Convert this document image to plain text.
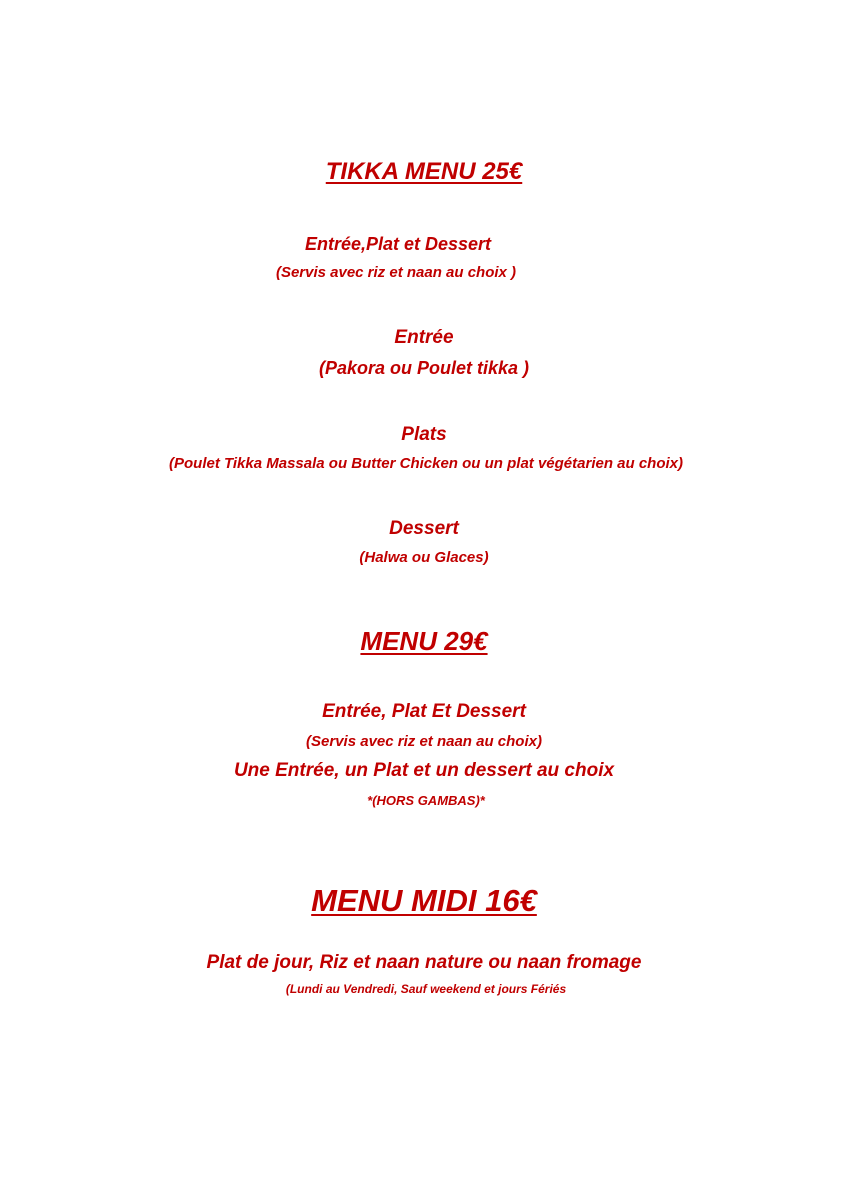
TIKKA MENU 25€
Entrée,Plat et Dessert
(Servis avec riz et naan au choix )
Entrée
(Pakora ou Poulet tikka )
Plats
(Poulet Tikka Massala ou Butter Chicken ou un plat végétarien au choix)
Dessert
(Halwa ou Glaces)
MENU 29€
Entrée, Plat Et Dessert
(Servis avec riz et naan au choix)
Une Entrée, un Plat et un dessert au choix
*(HORS GAMBAS)*
MENU MIDI 16€
Plat de jour, Riz et naan nature ou naan fromage
(Lundi au Vendredi, Sauf weekend et jours Fériés
